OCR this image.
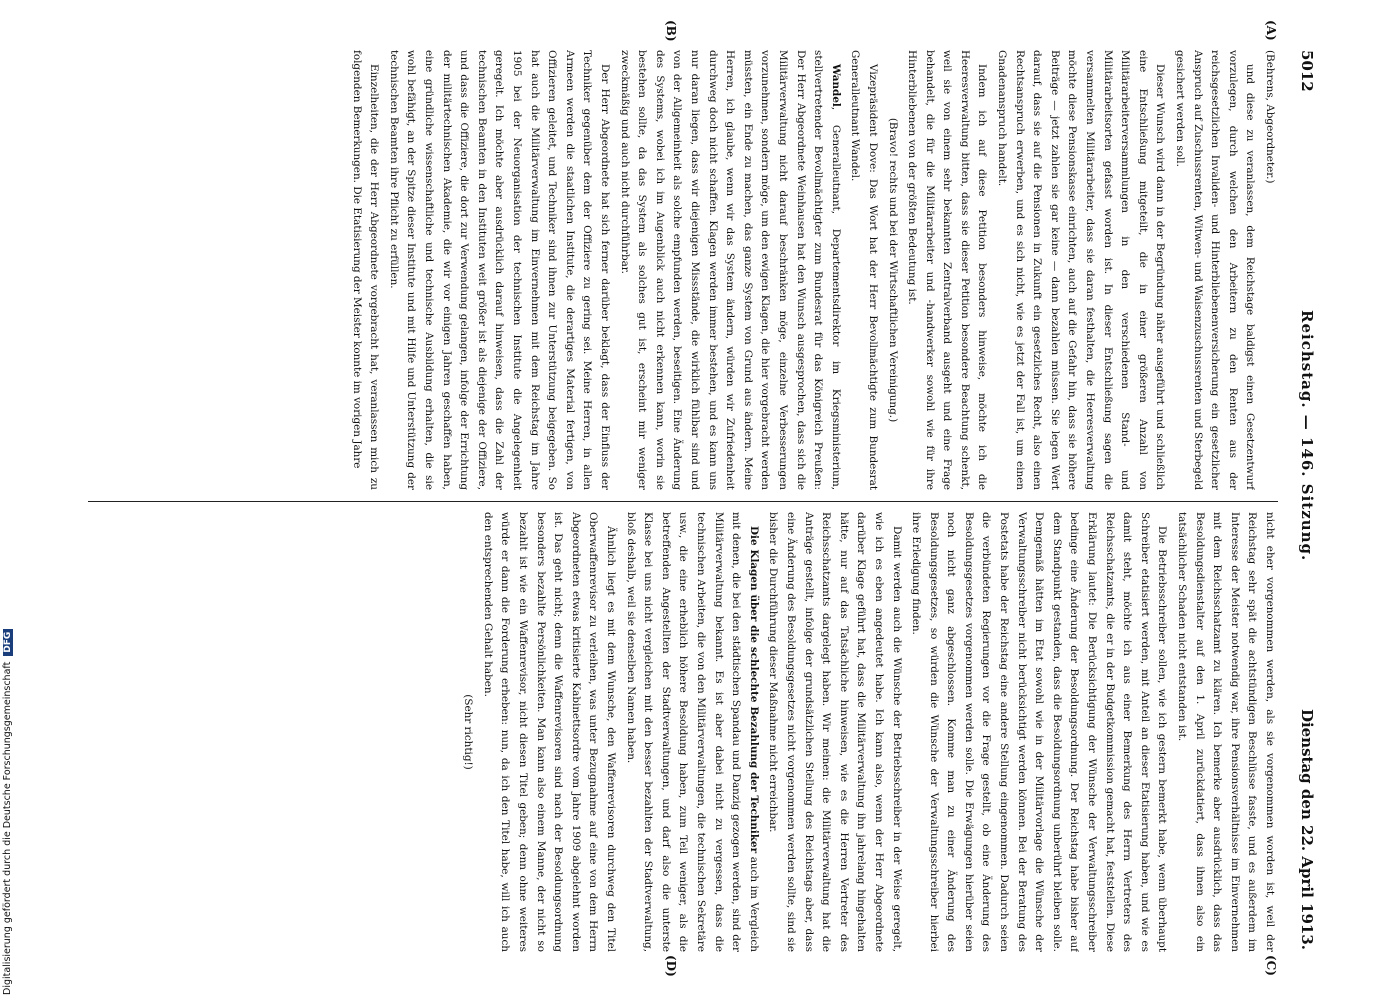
5012
Reichstag. — 146. Sitzung.
Dienstag den 22. April 1913.
(A)
(B)
(C)
(D)

(Behrens, Abgeordneter.)

und diese zu veranlassen, dem Reichstage baldigst einen Gesetzentwurf vorzulegen, durch welchen den Arbeitern zu den Renten aus der reichsgesetzlichen Invaliden- und Hinterbliebenenversicherung ein gesetzlicher Anspruch auf Zuschussrenten, Witwen- und Waisenzuschussrenten und Sterbegeld gesichert werden soll.

Dieser Wunsch wird dann in der Begründung näher ausgeführt und schließlich eine Entschließung mitgeteilt, die in einer größeren Anzahl von Militärarbeiterversammlungen in den verschiedenen Stand- und Militärarbeitsorten gefasst worden ist. In dieser Entschließung sagen die versammelten Militärarbeiter, dass sie daran festhalten, die Heeresverwaltung möchte diese Pensionskasse einrichten, auch auf die Gefahr hin, dass sie höhere Beiträge — jetzt zahlen sie gar keine — dann bezahlen müssen. Sie legen Wert darauf, dass sie auf die Pensionen in Zukunft ein gesetzliches Recht, also einen Rechtsanspruch erwerben, und es sich nicht, wie es jetzt der Fall ist, um einen Gnadenanspruch handelt.

Indem ich auf diese Petition besonders hinweise, möchte ich die Heeresverwaltung bitten, dass sie dieser Petition besondere Beachtung schenkt, weil sie von einem sehr bekannten Zentralverband ausgeht und eine Frage behandelt, die für die Militärarbeiter und -handwerker sowohl wie für ihre Hinterbliebenen von der größten Bedeutung ist.

(Bravo! rechts und bei der Wirtschaftlichen Vereinigung.)

Vizepräsident Dove: Das Wort hat der Herr Bevollmächtigte zum Bundesrat Generalleutnant Wandel.

Wandel, Generalleutnant, Departementsdirektor im Kriegsministerium, stellvertretender Bevollmächtigter zum Bundesrat für das Königreich Preußen: Der Herr Abgeordnete Weinhausen hat den Wunsch ausgesprochen, dass sich die Militärverwaltung nicht darauf beschränken möge, einzelne Verbesserungen vorzunehmen, sondern möge, um den ewigen Klagen, die hier vorgebracht werden müssten, ein Ende zu machen, das ganze System von Grund aus ändern. Meine Herren, ich glaube, wenn wir das System ändern, würden wir Zufriedenheit durchweg doch nicht schaffen. Klagen werden immer bestehen, und es kann uns nur daran liegen, dass wir diejenigen Missstände, die wirklich fühlbar sind und von der Allgemeinheit als solche empfunden werden, beseitigen. Eine Änderung des Systems, wobei ich im Augenblick auch nicht erkennen kann, worin sie bestehen sollte, da das System als solches gut ist, erscheint mir weniger zweckmäßig und auch nicht durchführbar.

Der Herr Abgeordnete hat sich ferner darüber beklagt, dass der Einfluss der Techniker gegenüber dem der Offiziere zu gering sei. Meine Herren, in allen Armeen werden die staatlichen Institute, die derartiges Material fertigen, von Offizieren geleitet, und Techniker sind ihnen zur Unterstützung beigegeben. So hat auch die Militärverwaltung im Einvernehmen mit dem Reichstag im Jahre 1905 bei der Neuorganisation der technischen Institute die Angelegenheit geregelt. Ich möchte aber ausdrücklich darauf hinweisen, dass die Zahl der technischen Beamten in den Instituten weit größer ist als diejenige der Offiziere, und dass die Offiziere, die dort zur Verwendung gelangen, infolge der Errichtung der militärtechnischen Akademie, die wir vor einigen Jahren geschaffen haben, eine gründliche wissenschaftliche und technische Ausbildung erhalten, die sie wohl befähigt, an der Spitze dieser Institute und mit Hilfe und Unterstützung der technischen Beamten ihre Pflicht zu erfüllen.

Einzelheiten, die der Herr Abgeordnete vorgebracht hat, veranlassen mich zu folgenden Bemerkungen. Die Etatisierung der Meister konnte im vorigen Jahre

nicht eher vorgenommen werden, als sie vorgenommen worden ist, weil der Reichstag sehr spät die achtstündigen Beschlüsse fasste, und es außerdem im Interesse der Meister notwendig war, ihre Pensionsverhältnisse im Einvernehmen mit dem Reichsschatzamt zu klären. Ich bemerke aber ausdrücklich, dass das Besoldungsdienstalter auf den 1. April zurückdatiert, dass ihnen also ein tatsächlicher Schaden nicht entstanden ist.

Die Betriebsschreiber sollen, wie ich gestern bemerkt habe, wenn überhaupt Schreiber etatisiert werden, mit Anteil an dieser Etatisierung haben, und wie es damit steht, möchte ich aus einer Bemerkung des Herrn Vertreters des Reichsschatzamts, die er in der Budgetkommission gemacht hat, feststellen. Diese Erklärung lautet: Die Berücksichtigung der Wünsche der Verwaltungsschreiber bedinge eine Änderung der Besoldungsordnung. Der Reichstag habe bisher auf dem Standpunkt gestanden, dass die Besoldungsordnung unberührt bleiben solle. Demgemäß hätten im Etat sowohl wie in der Militärvorlage die Wünsche der Verwaltungsschreiber nicht berücksichtigt werden können. Bei der Beratung des Postetats habe der Reichstag eine andere Stellung eingenommen. Dadurch seien die verbündeten Regierungen vor die Frage gestellt, ob eine Änderung des Besoldungsgesetzes vorgenommen werden solle. Die Erwägungen hierüber seien noch nicht ganz abgeschlossen. Komme man zu einer Änderung des Besoldungsgesetzes, so würden die Wünsche der Verwaltungsschreiber hierbei ihre Erledigung finden.

Damit werden auch die Wünsche der Betriebsschreiber in der Weise geregelt, wie ich es eben angedeutet habe. Ich kann also, wenn der Herr Abgeordnete darüber Klage geführt hat, dass die Militärverwaltung ihn jahrelang hingehalten hätte, nur auf das Tatsächliche hinweisen, wie es die Herren Vertreter des Reichsschatzamts dargelegt haben. Wir meinen: die Militärverwaltung hat die Anträge gestellt, infolge der grundsätzlichen Stellung des Reichstags aber, dass eine Änderung des Besoldungsgesetzes nicht vorgenommen werden sollte, sind sie bisher die Durchführung dieser Maßnahme nicht erreichbar.

Die Klagen über die schlechte Bezahlung der Techniker auch im Vergleich mit denen, die bei den städtischen Spandau und Danzig gezogen werden, sind der Militärverwaltung bekannt. Es ist aber dabei nicht zu vergessen, dass die technischen Arbeiten, die von den Militärverwaltungen, die technischen Sekretäre usw., die eine erheblich höhere Besoldung haben, zum Teil weniger, als die betreffenden Angestellten der Stadtverwaltungen, und darf also die unterste Klasse bei uns nicht vergleichen mit den besser bezahlten der Stadtverwaltung, bloß deshalb, weil sie denselben Namen haben.

Ähnlich liegt es mit dem Wunsche, den Waffenrevisoren durchweg den Titel Oberwaffenrevisor zu verleihen, was unter Bezugnahme auf eine von dem Herrn Abgeordneten etwas kritisierte Kabinettsordre vom Jahre 1909 abgelehnt worden ist. Das geht nicht; denn die Waffenrevisoren sind nach der Besoldungsordnung besonders bezahlte Persönlichkeiten. Man kann also einem Manne, der nicht so bezahlt ist wie ein Waffenrevisor, nicht diesen Titel geben; denn ohne weiteres würde er dann die Forderung erheben: nun, da ich den Titel habe, will ich auch den entsprechenden Gehalt haben.

(Sehr richtig!)

Digitalisierung gefördert durch die Deutsche ForschungsgemeinschaftDFG
